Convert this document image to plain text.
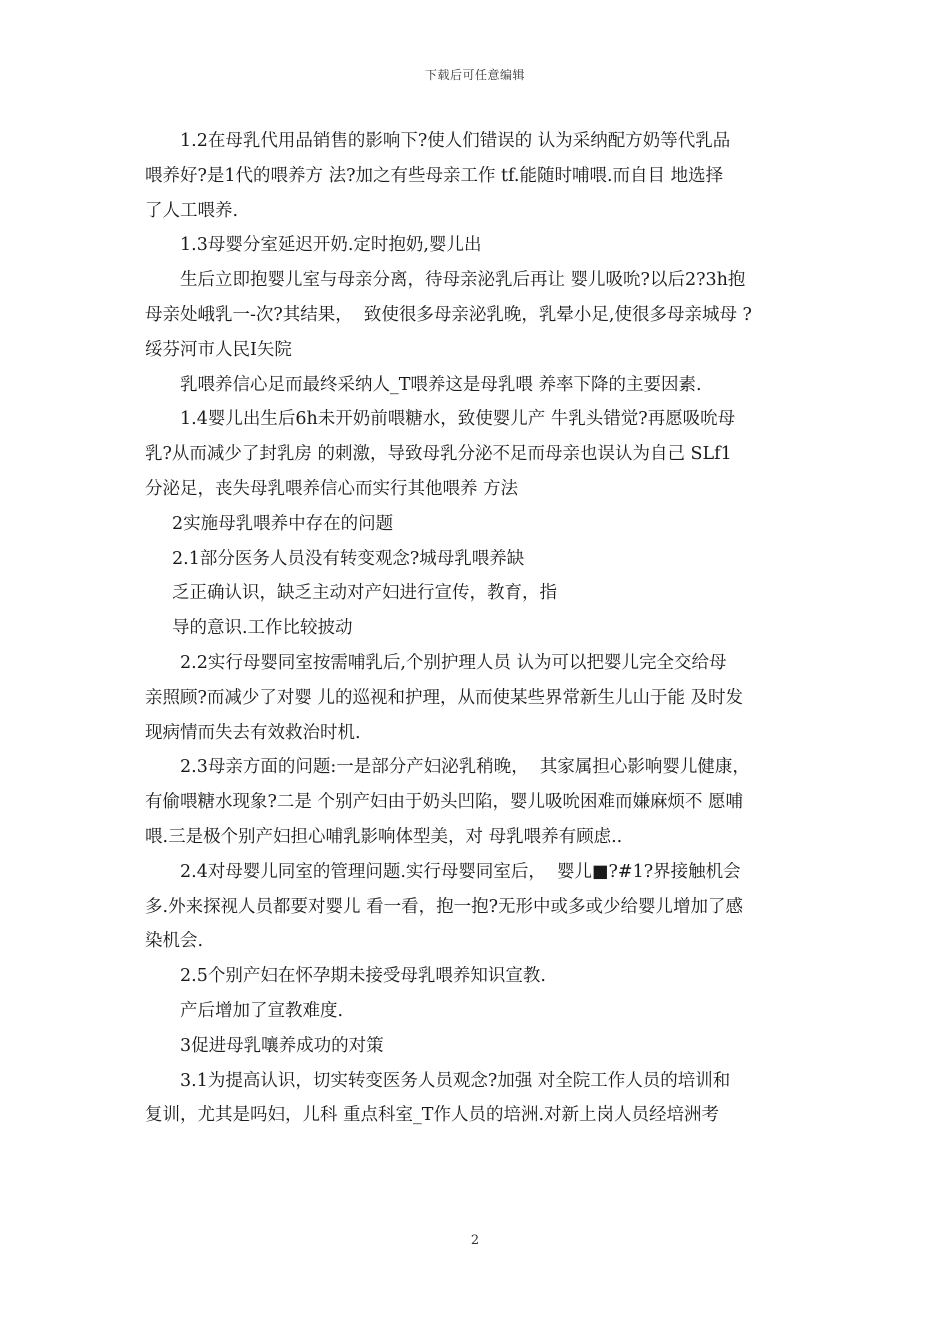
下载后可任意编辑
1.2在母乳代用品销售的影响下?使人们错误的 认为采纳配方奶等代乳品
喂养好?是1代的喂养方 法?加之有些母亲工作 tf.能随时哺喂.而自目 地选择
了人工喂养.
1.3母婴分室延迟开奶.定时抱奶,婴儿出
生后立即抱婴儿室与母亲分离，待母亲泌乳后再让 婴儿吸吮?以后2?3h抱
母亲处峨乳一-次?其结果，  致使很多母亲泌乳晚，乳晕小足,使很多母亲城母 ?
绥芬河市人民I矢院
乳喂养信心足而最终采纳人_T喂养这是母乳喂 养率下降的主要因素.
1.4婴儿出生后6h未开奶前喂糖水，致使婴儿产 牛乳头错觉?再愿吸吮母
乳?从而减少了封乳房 的刺激，导致母乳分泌不足而母亲也误认为自己 SLf1
分泌足，丧失母乳喂养信心而实行其他喂养 方法
2实施母乳喂养中存在的问题
2.1部分医务人员没有转变观念?城母乳喂养缺
乏正确认识，缺乏主动对产妇进行宣传，教育，指
导的意识.工作比较披动
2.2实行母婴同室按需哺乳后,个别护理人员 认为可以把婴儿完全交给母
亲照顾?而减少了对婴 儿的巡视和护理，从而使某些界常新生儿山于能 及时发
现病情而失去有效救治时机.
2.3母亲方面的问题:一是部分产妇泌乳稍晚，  其家属担心影响婴儿健康，
有偷喂糖水现象?二是 个别产妇由于奶头凹陷，婴儿吸吮困难而嫌麻烦不 愿哺
喂.三是极个别产妇担心哺乳影响体型美，对 母乳喂养有顾虑..
2.4对母婴儿同室的管理问题.实行母婴同室后，  婴儿■?#1?界接触机会
多.外来探视人员都要对婴儿 看一看，抱一抱?无形中或多或少给婴儿增加了感
染机会.
2.5个别产妇在怀孕期未接受母乳喂养知识宣教.
产后增加了宣教难度.
3促进母乳嚷养成功的对策
3.1为提高认识，切实转变医务人员观念?加强 对全院工作人员的培训和
复训，尤其是吗妇，儿科 重点科室_T作人员的培洲.对新上岗人员经培洲考
2
